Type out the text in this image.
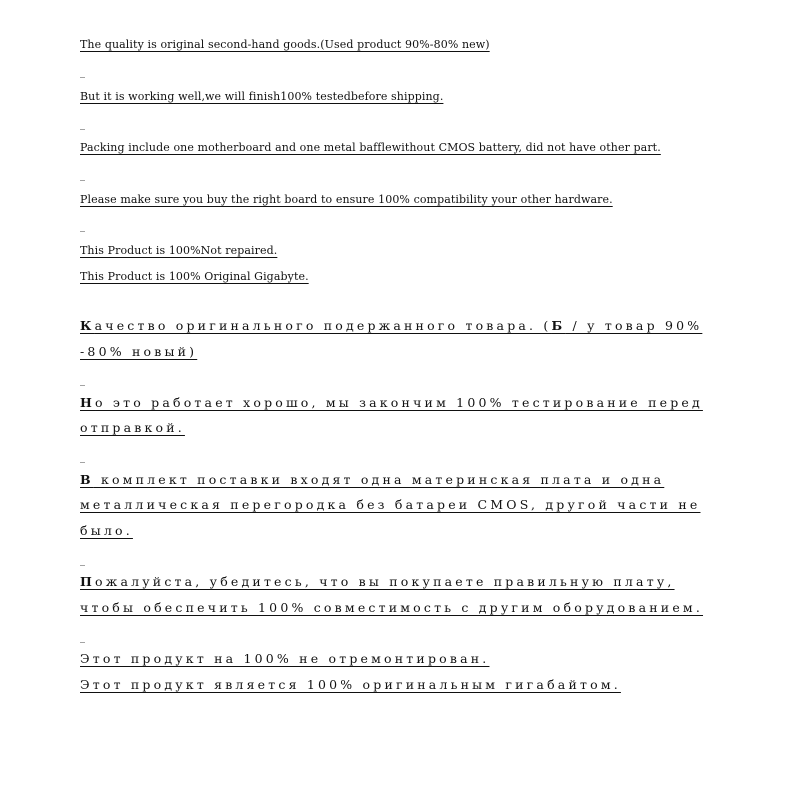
The quality is original second-hand goods.(Used product 90%-80% new)
_
But it is working well,we will finish100% testedbefore shipping.
_
Packing include one motherboard and one metal bafflewithout CMOS battery, did not have other part.
_
Please make sure you buy the right board to ensure 100% compatibility your other hardware.
_
This Product is 100%Not repaired.
This Product is 100% Original Gigabyte.
Качество оригинального подержанного товара. (Б / у товар 90%
-80% новый)
_
Но это работает хорошо, мы закончим 100% тестирование перед
отправкой.
_
В комплект поставки входят одна материнская плата и одна
металлическая перегородка без батареи CMOS, другой части не
было.
_
Пожалуйста, убедитесь, что вы покупаете правильную плату,
чтобы обеспечить 100% совместимость с другим оборудованием.
_
Этот продукт на 100% не отремонтирован.
Этот продукт является 100% оригинальным гигабайтом.
